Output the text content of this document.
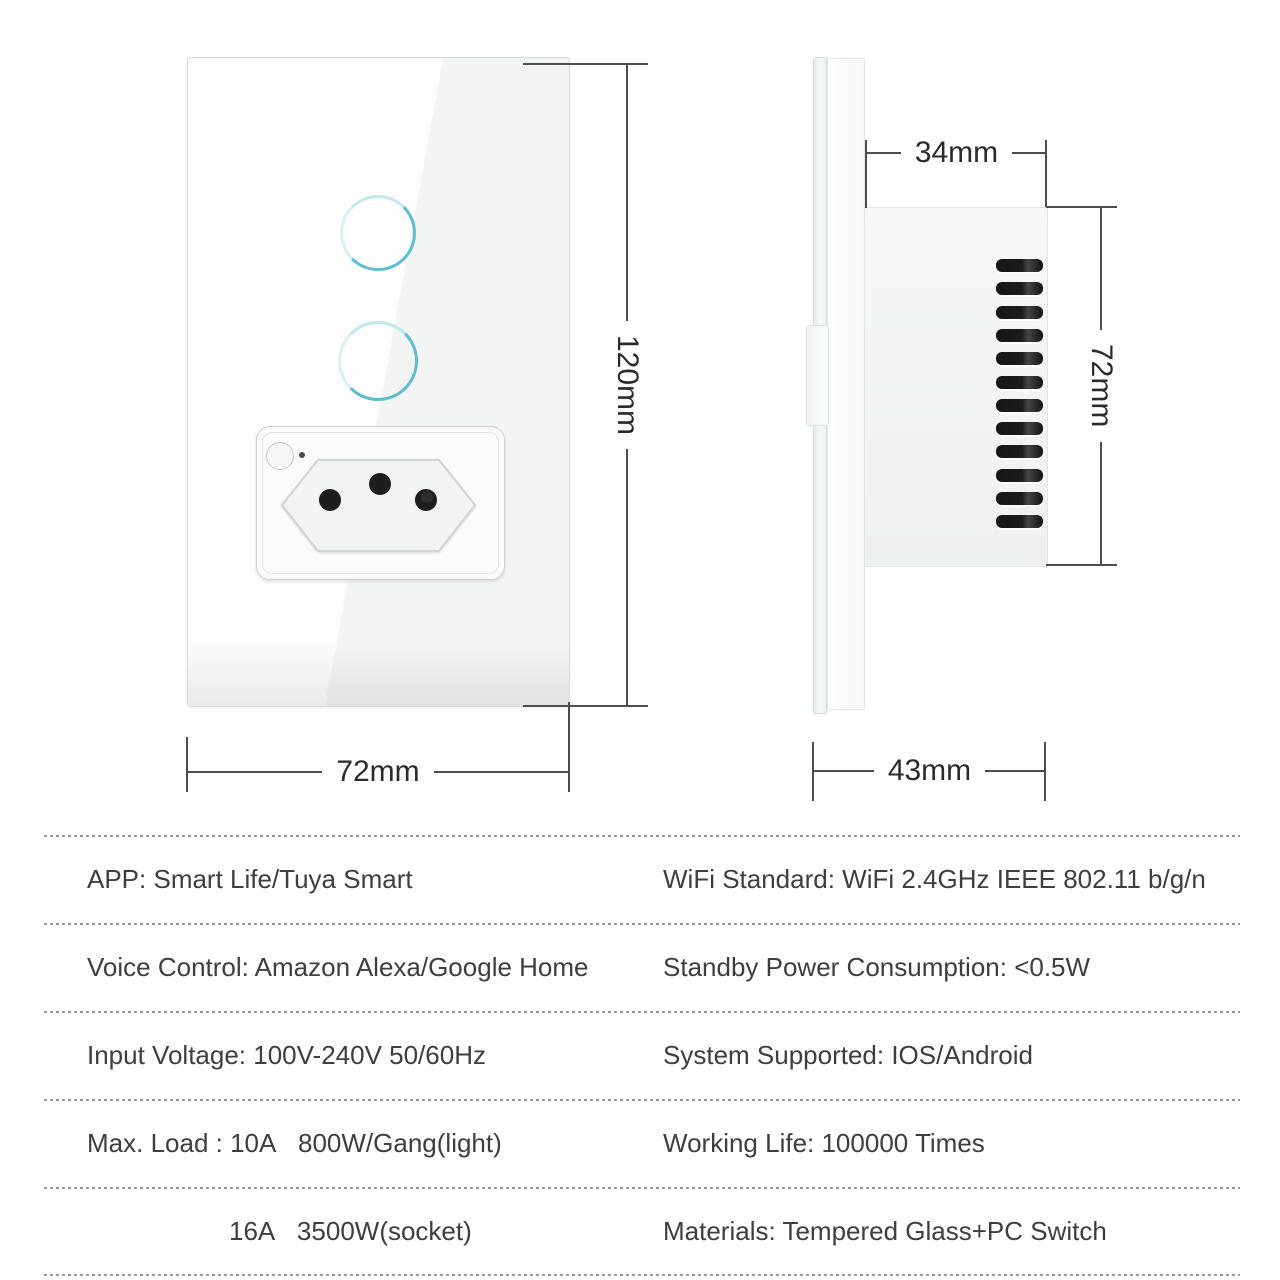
120mm
72mm
34mm
72mm
43mm
APP: Smart Life/Tuya Smart	WiFi Standard: WiFi 2.4GHz IEEE 802.11 b/g/n
Voice Control: Amazon Alexa/Google Home	Standby Power Consumption: <0.5W
Input Voltage: 100V-240V 50/60Hz	System Supported: IOS/Android
Max. Load : 10A   800W/Gang(light)	Working Life: 100000 Times
16A   3500W(socket)	Materials: Tempered Glass+PC Switch
